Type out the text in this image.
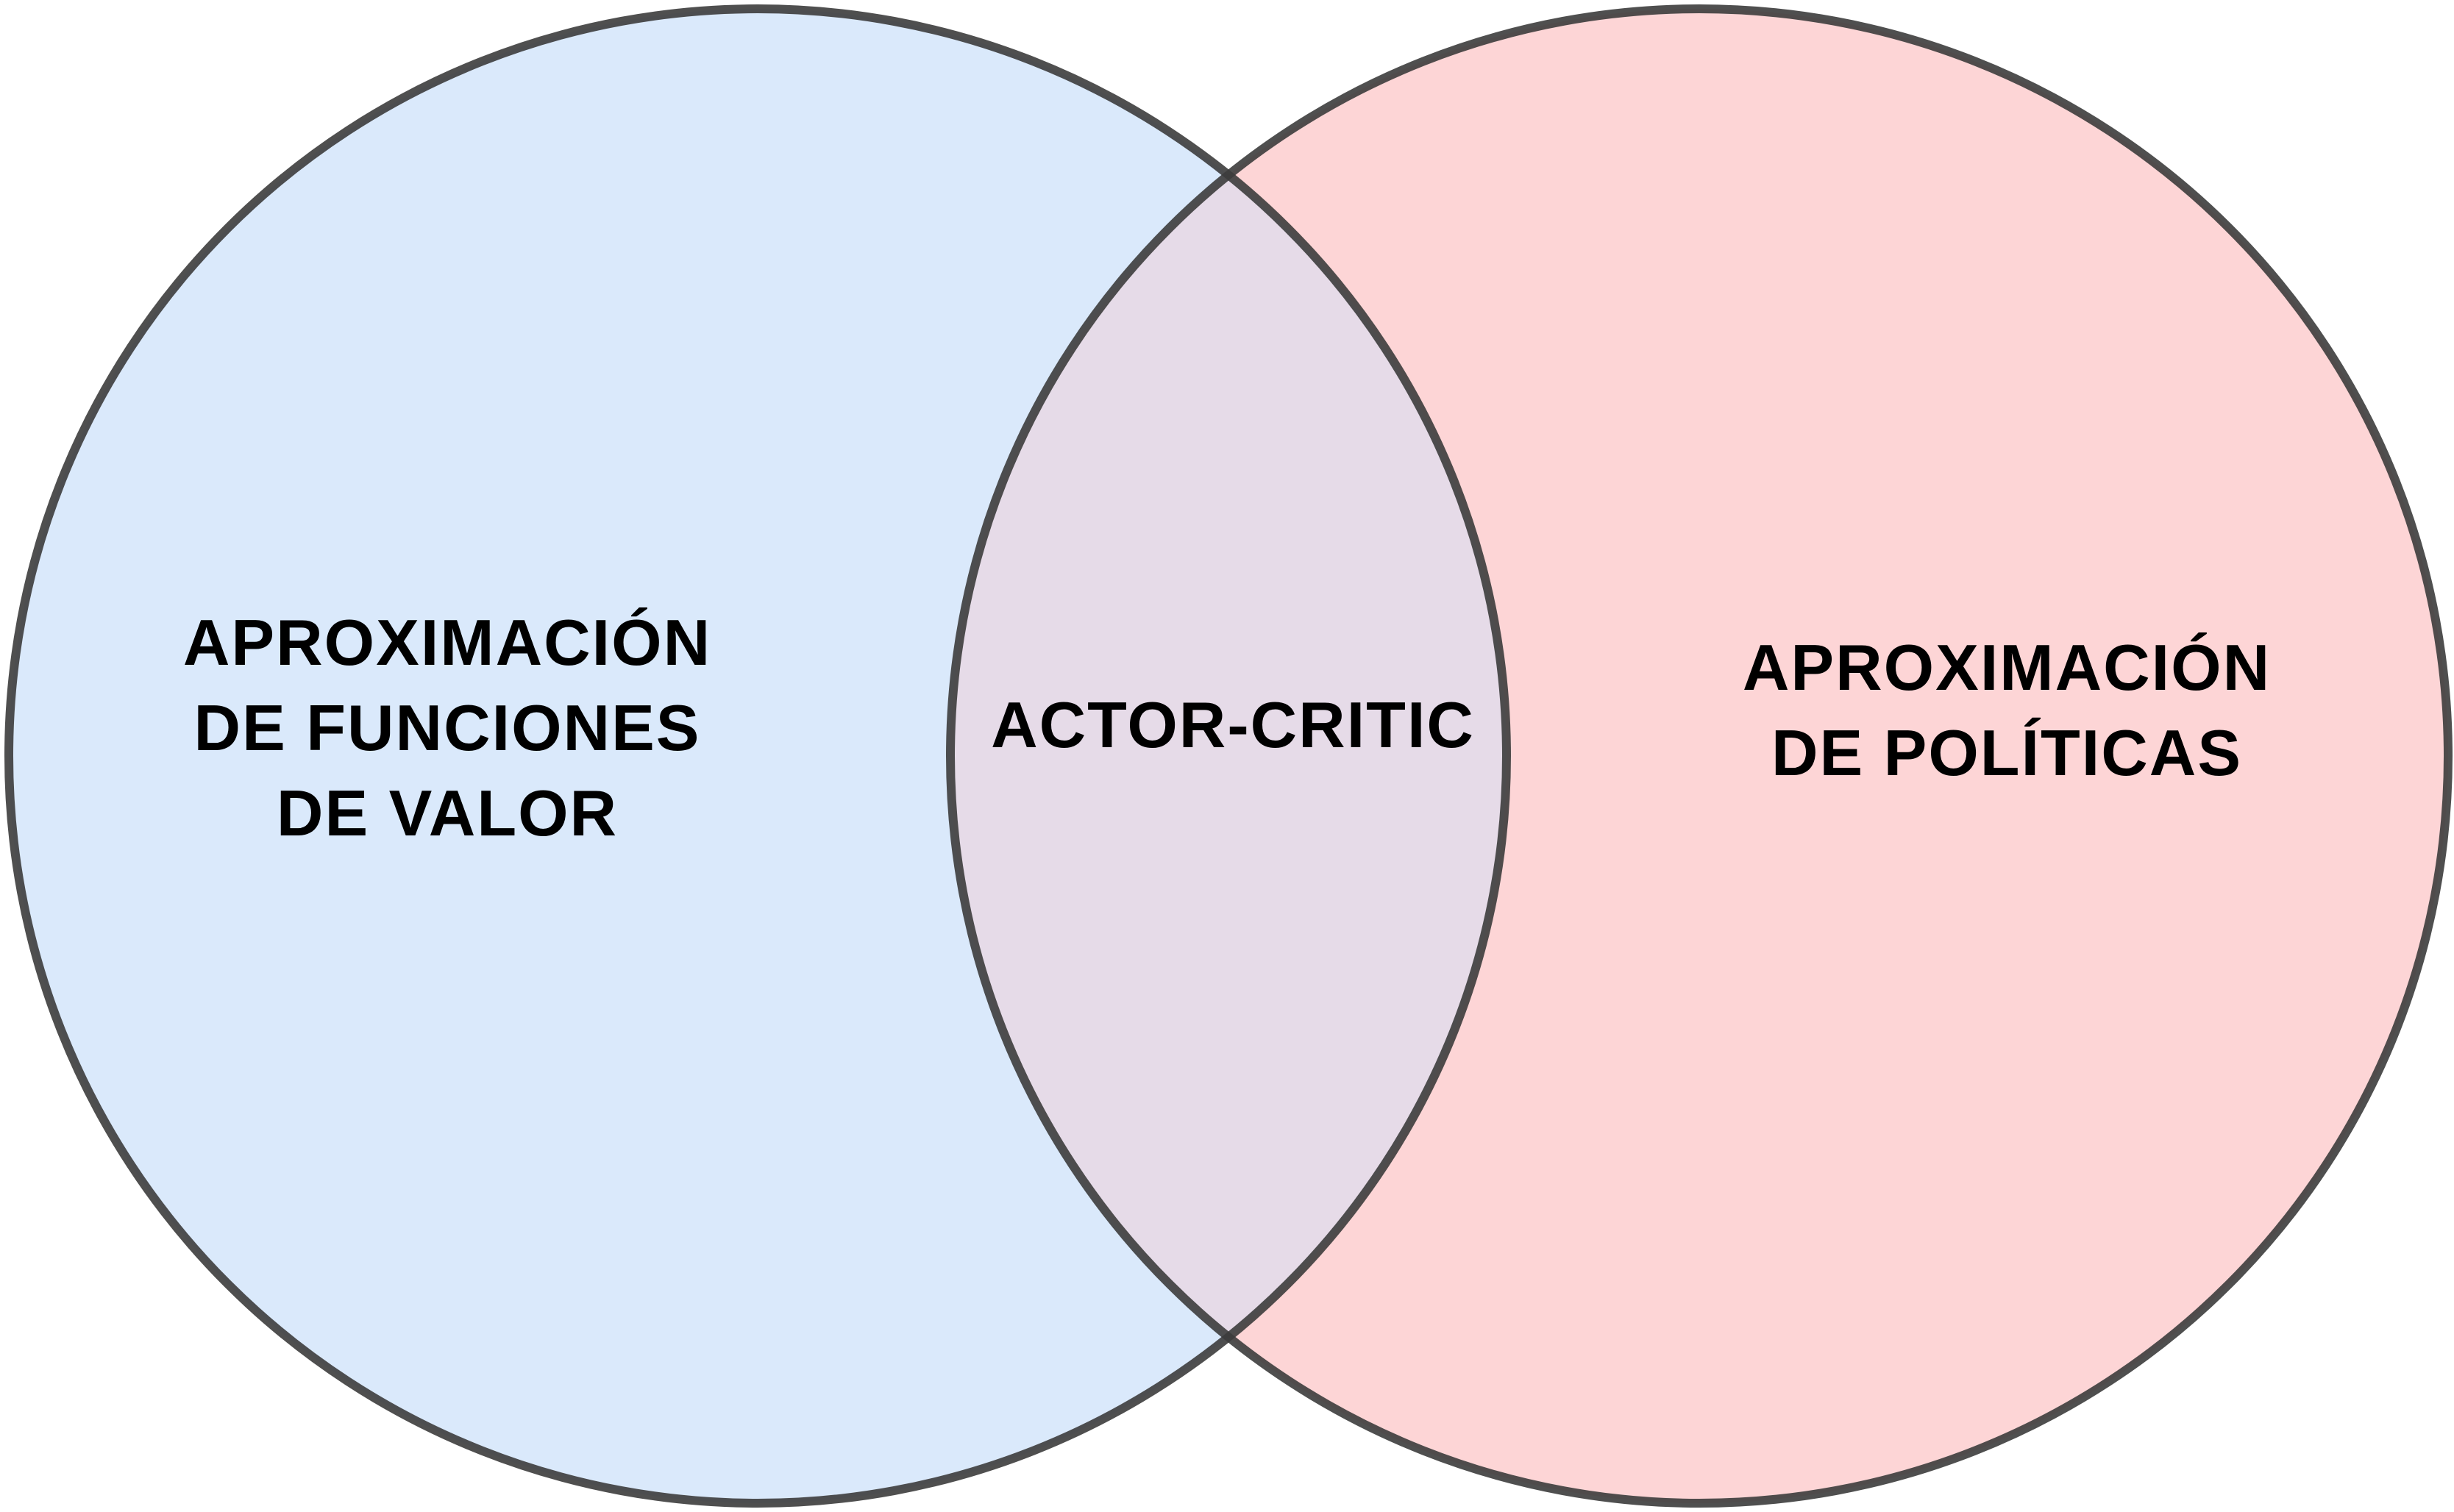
APROXIMACIÓN
DE FUNCIONES
DE VALOR
ACTOR-CRITIC
APROXIMACIÓN
DE POLÍTICAS
